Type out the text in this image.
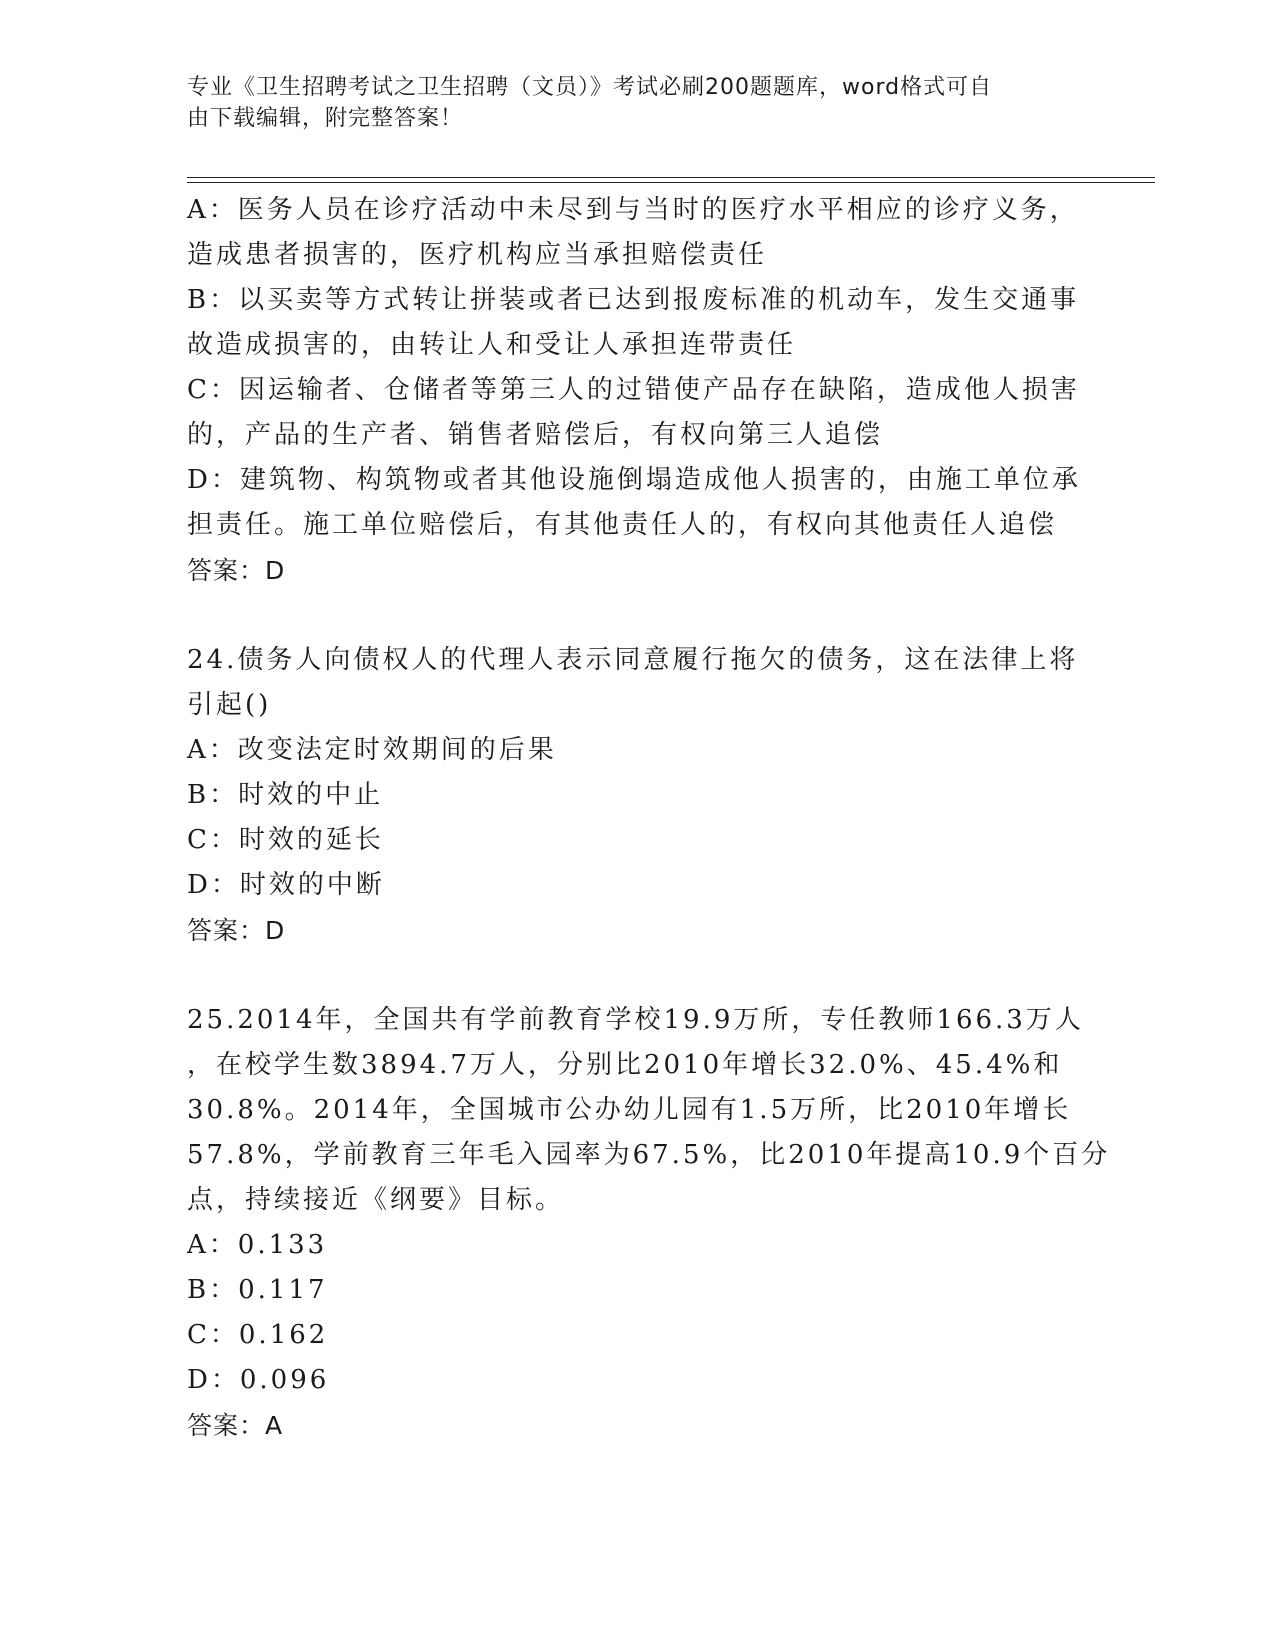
专业《卫生招聘考试之卫生招聘（文员）》考试必刷200题题库，word格式可自
由下载编辑，附完整答案！
A：医务人员在诊疗活动中未尽到与当时的医疗水平相应的诊疗义务，
造成患者损害的，医疗机构应当承担赔偿责任
B：以买卖等方式转让拼装或者已达到报废标准的机动车，发生交通事
故造成损害的，由转让人和受让人承担连带责任
C：因运输者、仓储者等第三人的过错使产品存在缺陷，造成他人损害
的，产品的生产者、销售者赔偿后，有权向第三人追偿
D：建筑物、构筑物或者其他设施倒塌造成他人损害的，由施工单位承
担责任。施工单位赔偿后，有其他责任人的，有权向其他责任人追偿
答案：D
24.债务人向债权人的代理人表示同意履行拖欠的债务，这在法律上将
引起()
A：改变法定时效期间的后果
B：时效的中止
C：时效的延长
D：时效的中断
答案：D
25.2014年，全国共有学前教育学校19.9万所，专任教师166.3万人
，在校学生数3894.7万人，分别比2010年增长32.0%、45.4%和
30.8%。2014年，全国城市公办幼儿园有1.5万所，比2010年增长
57.8%，学前教育三年毛入园率为67.5%，比2010年提高10.9个百分
点，持续接近《纲要》目标。
A：0.133
B：0.117
C：0.162
D：0.096
答案：A
